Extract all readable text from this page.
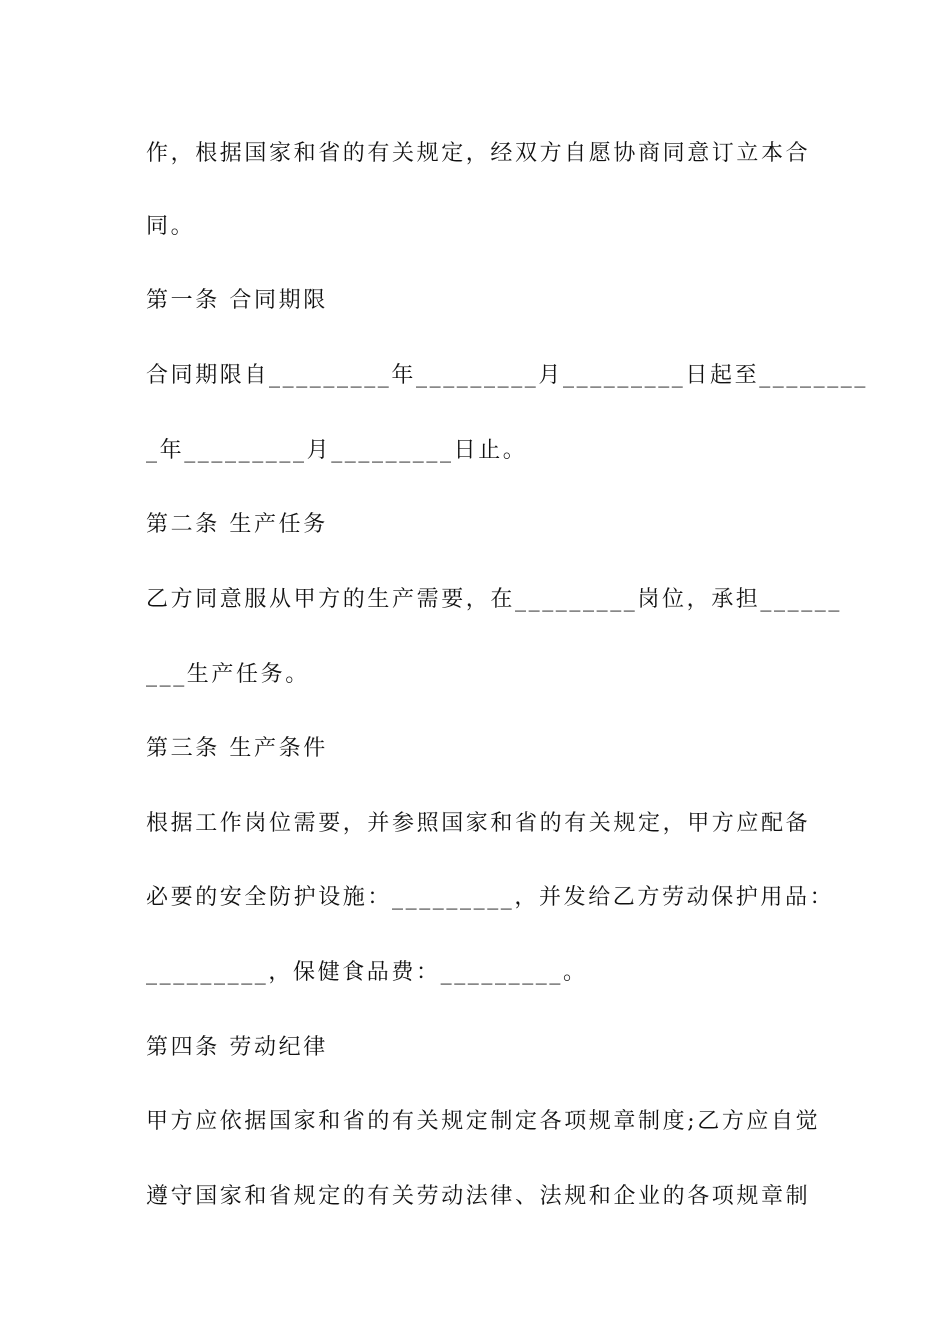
作，根据国家和省的有关规定，经双方自愿协商同意订立本合
同。
第一条 合同期限
合同期限自_________年_________月_________日起至________
_年_________月_________日止。
第二条 生产任务
乙方同意服从甲方的生产需要，在_________岗位，承担______
___生产任务。
第三条 生产条件
根据工作岗位需要，并参照国家和省的有关规定，甲方应配备
必要的安全防护设施：_________，并发给乙方劳动保护用品：
_________，保健食品费：_________。
第四条 劳动纪律
甲方应依据国家和省的有关规定制定各项规章制度;乙方应自觉
遵守国家和省规定的有关劳动法律、法规和企业的各项规章制
